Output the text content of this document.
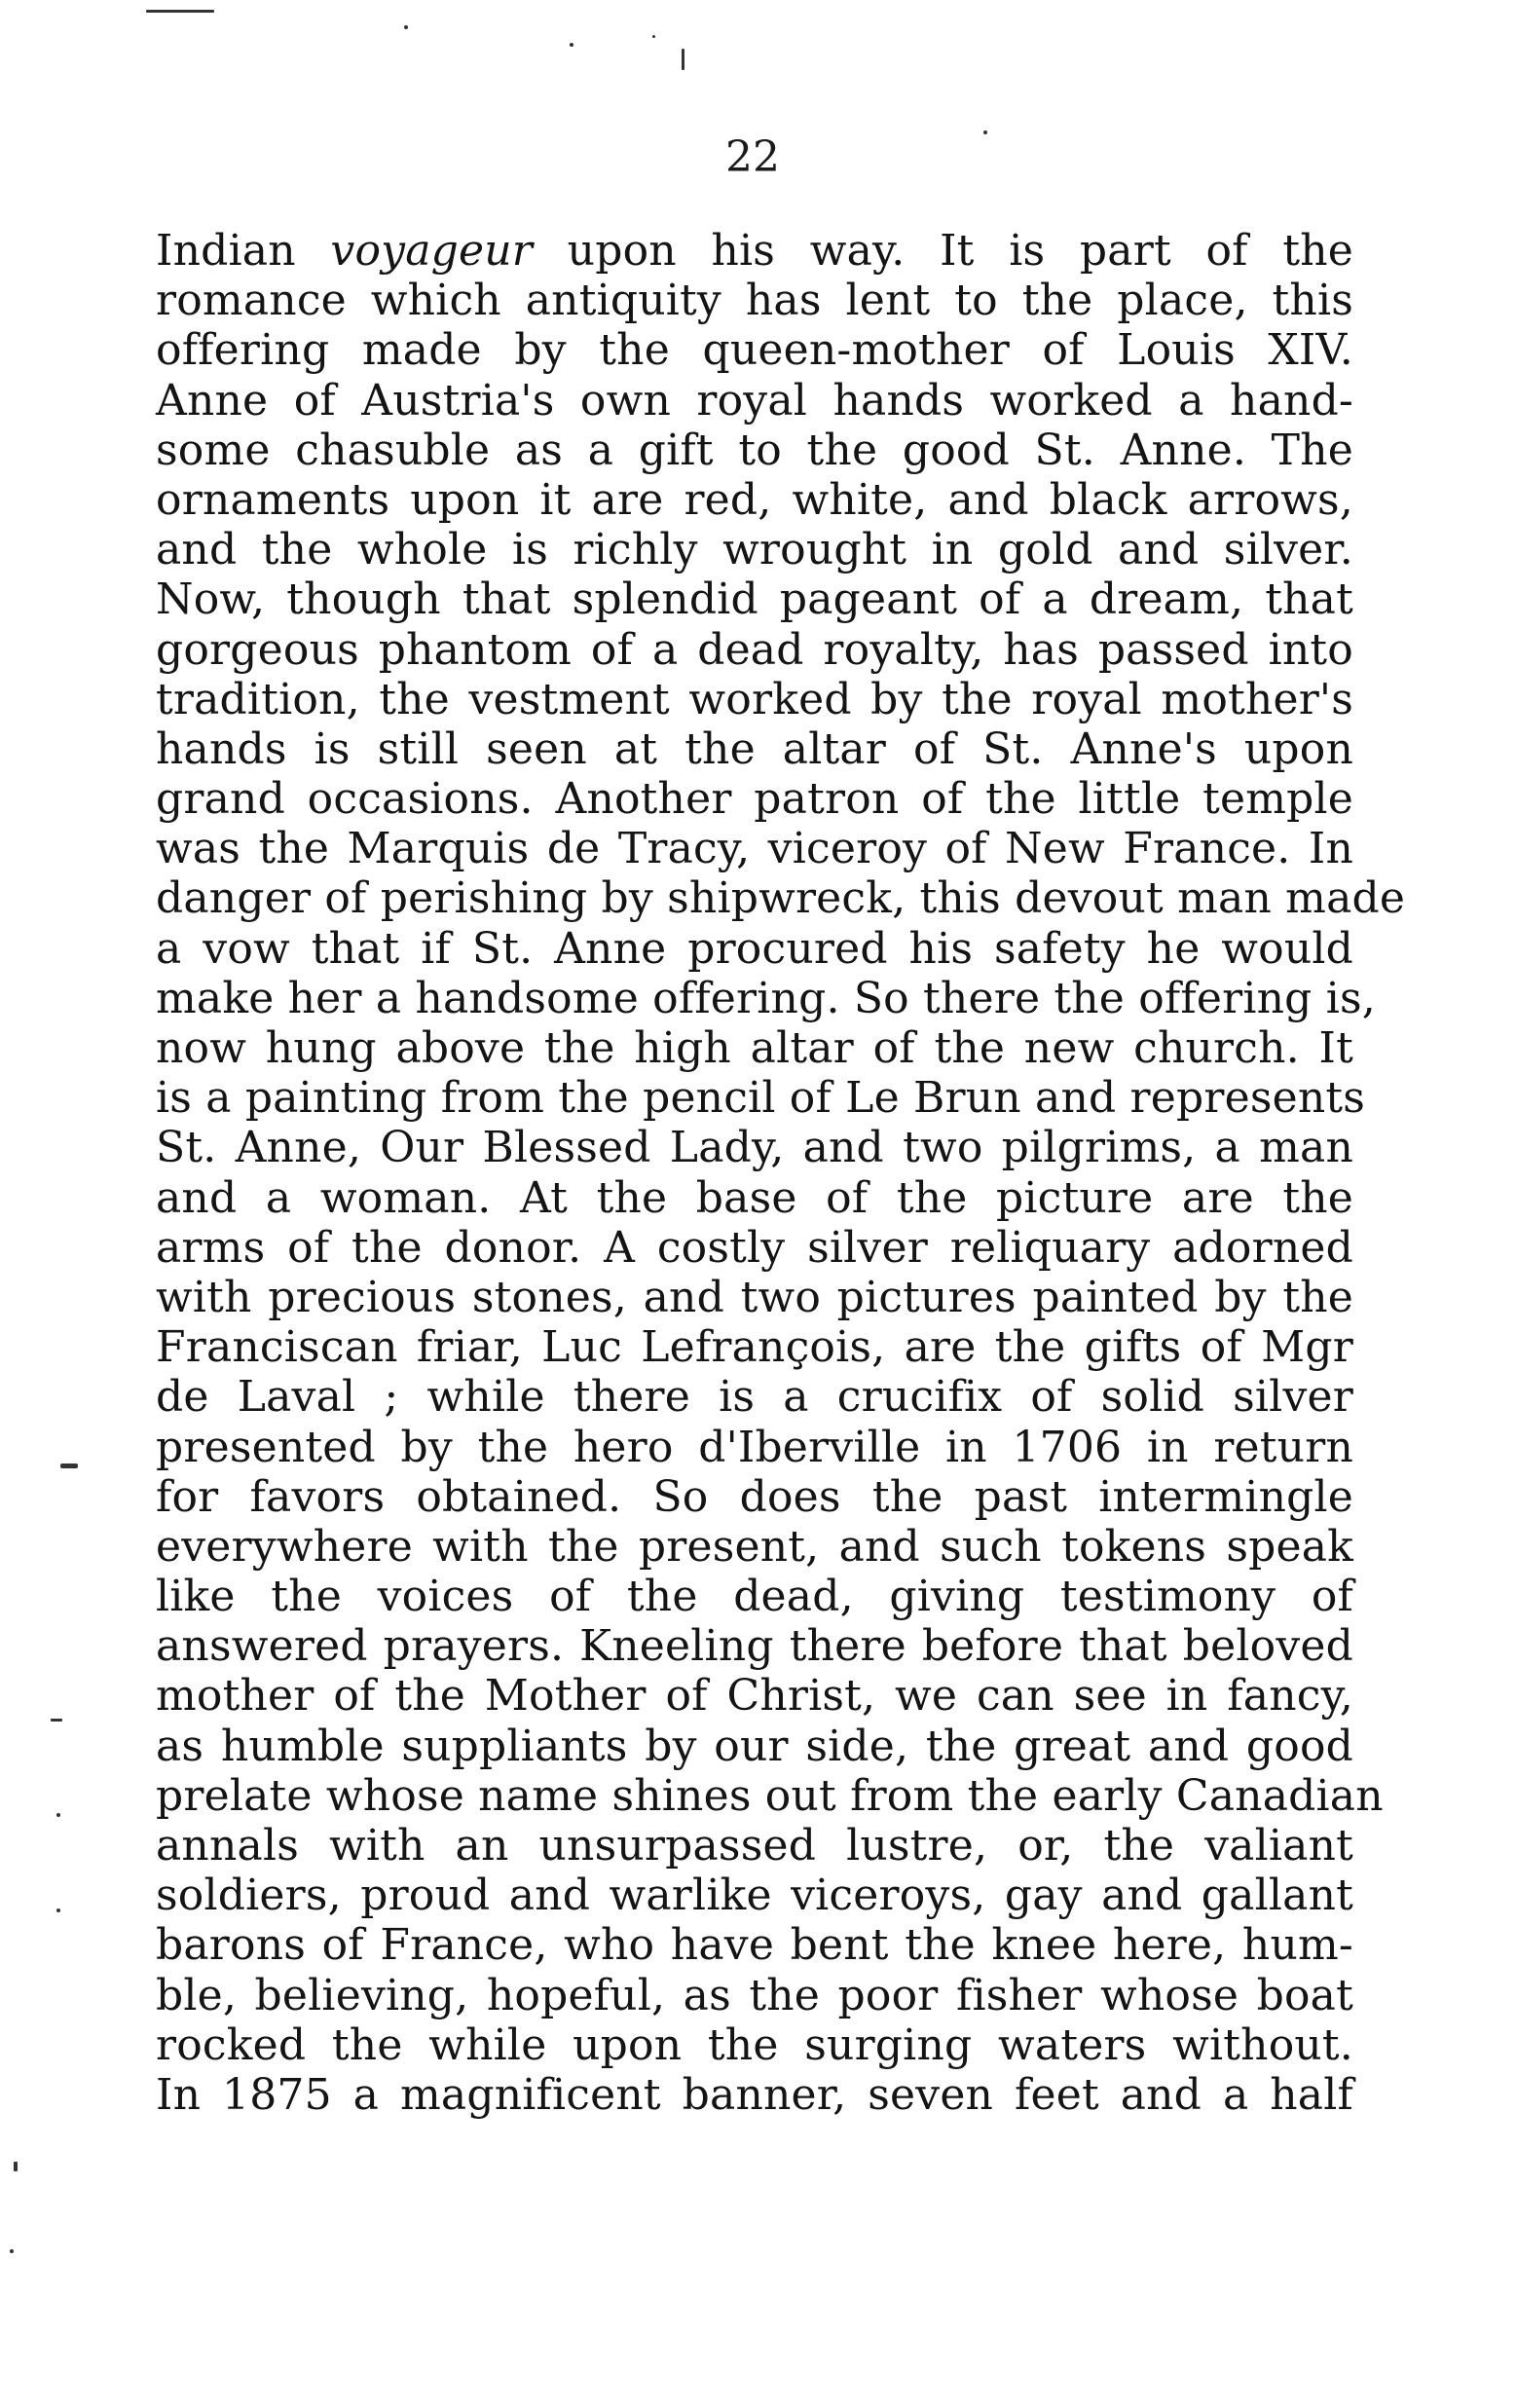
22
Indian voyageur upon his way. It is part of the
romance which antiquity has lent to the place, this
offering made by the queen-mother of Louis XIV.
Anne of Austria's own royal hands worked a hand-
some chasuble as a gift to the good St. Anne. The
ornaments upon it are red, white, and black arrows,
and the whole is richly wrought in gold and silver.
Now, though that splendid pageant of a dream, that
gorgeous phantom of a dead royalty, has passed into
tradition, the vestment worked by the royal mother's
hands is still seen at the altar of St. Anne's upon
grand occasions. Another patron of the little temple
was the Marquis de Tracy, viceroy of New France. In
danger of perishing by shipwreck, this devout man made
a vow that if St. Anne procured his safety he would
make her a handsome offering. So there the offering is,
now hung above the high altar of the new church. It
is a painting from the pencil of Le Brun and represents
St. Anne, Our Blessed Lady, and two pilgrims, a man
and a woman. At the base of the picture are the
arms of the donor. A costly silver reliquary adorned
with precious stones, and two pictures painted by the
Franciscan friar, Luc Lefrançois, are the gifts of Mgr
de Laval ; while there is a crucifix of solid silver
presented by the hero d'Iberville in 1706 in return
for favors obtained. So does the past intermingle
everywhere with the present, and such tokens speak
like the voices of the dead, giving testimony of
answered prayers. Kneeling there before that beloved
mother of the Mother of Christ, we can see in fancy,
as humble suppliants by our side, the great and good
prelate whose name shines out from the early Canadian
annals with an unsurpassed lustre, or, the valiant
soldiers, proud and warlike viceroys, gay and gallant
barons of France, who have bent the knee here, hum-
ble, believing, hopeful, as the poor fisher whose boat
rocked the while upon the surging waters without.
In 1875 a magnificent banner, seven feet and a half
